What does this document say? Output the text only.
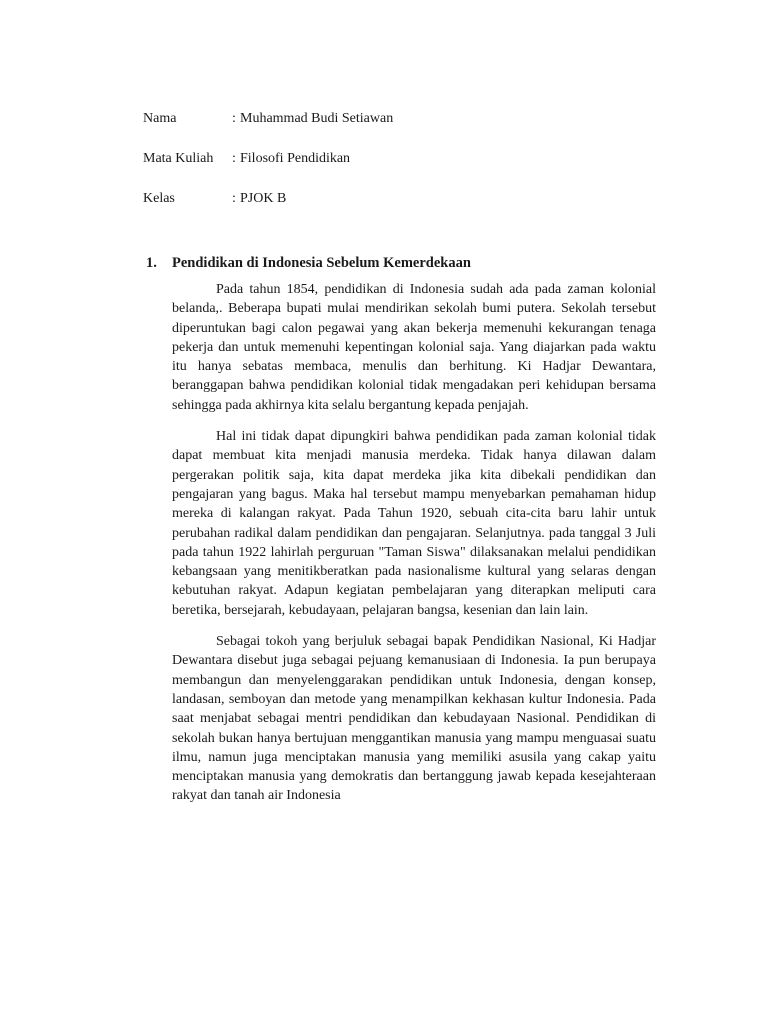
Nama	: Muhammad Budi Setiawan
Mata Kuliah	: Filosofi Pendidikan
Kelas	: PJOK B
1.	Pendidikan di Indonesia Sebelum Kemerdekaan

Pada tahun 1854, pendidikan di Indonesia sudah ada pada zaman kolonial belanda,. Beberapa bupati mulai mendirikan sekolah bumi putera. Sekolah tersebut diperuntukan bagi calon pegawai yang akan bekerja memenuhi kekurangan tenaga pekerja dan untuk memenuhi kepentingan kolonial saja. Yang diajarkan pada waktu itu hanya sebatas membaca, menulis dan berhitung. Ki Hadjar Dewantara, beranggapan bahwa pendidikan kolonial tidak mengadakan peri kehidupan bersama sehingga pada akhirnya kita selalu bergantung kepada penjajah.

Hal ini tidak dapat dipungkiri bahwa pendidikan pada zaman kolonial tidak dapat membuat kita menjadi manusia merdeka. Tidak hanya dilawan dalam pergerakan politik saja, kita dapat merdeka jika kita dibekali pendidikan dan pengajaran yang bagus. Maka hal tersebut mampu menyebarkan pemahaman hidup mereka di kalangan rakyat. Pada Tahun 1920, sebuah cita-cita baru lahir untuk perubahan radikal dalam pendidikan dan pengajaran. Selanjutnya. pada tanggal 3 Juli pada tahun 1922 lahirlah perguruan "Taman Siswa" dilaksanakan melalui pendidikan kebangsaan yang menitikberatkan pada nasionalisme kultural yang selaras dengan kebutuhan rakyat. Adapun kegiatan pembelajaran yang diterapkan meliputi cara beretika, bersejarah, kebudayaan, pelajaran bangsa, kesenian dan lain lain.

Sebagai tokoh yang berjuluk sebagai bapak Pendidikan Nasional, Ki Hadjar Dewantara disebut juga sebagai pejuang kemanusiaan di Indonesia. Ia pun berupaya membangun dan menyelenggarakan pendidikan untuk Indonesia, dengan konsep, landasan, semboyan dan metode yang menampilkan kekhasan kultur Indonesia. Pada saat menjabat sebagai mentri pendidikan dan kebudayaan Nasional. Pendidikan di sekolah bukan hanya bertujuan menggantikan manusia yang mampu menguasai suatu ilmu, namun juga menciptakan manusia yang memiliki asusila yang cakap yaitu menciptakan manusia yang demokratis dan bertanggung jawab kepada kesejahteraan rakyat dan tanah air Indonesia
